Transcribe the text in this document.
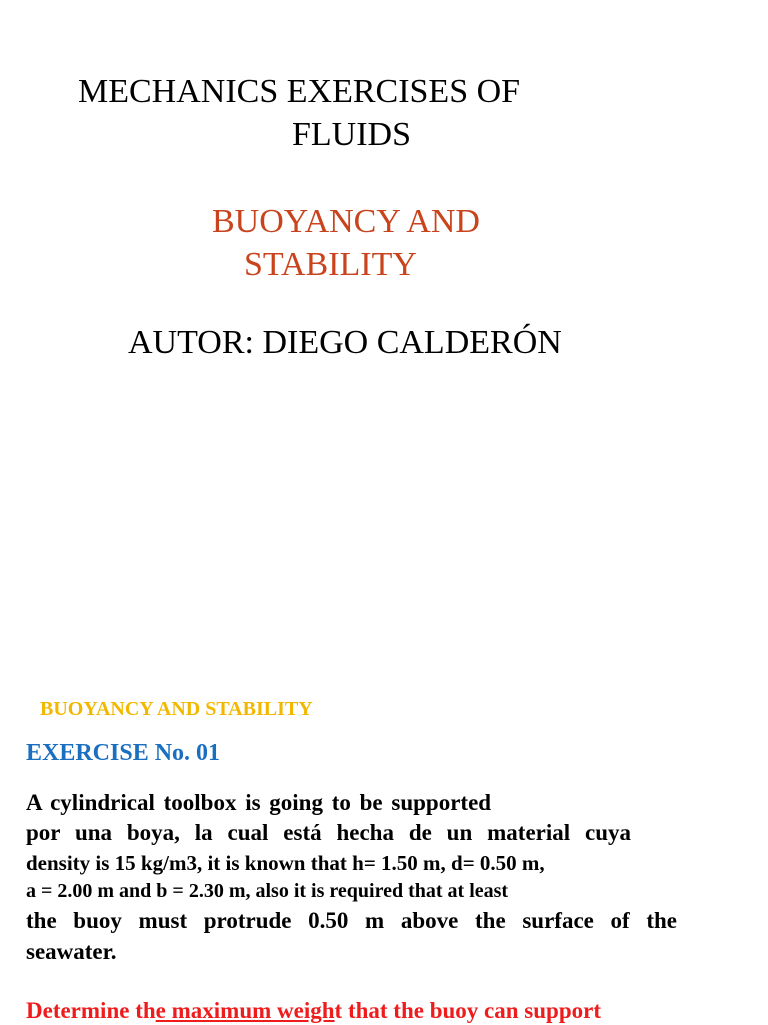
MECHANICS EXERCISES OF

FLUIDS

BUOYANCY AND

STABILITY

AUTOR: DIEGO CALDERÓN

BUOYANCY AND STABILITY

EXERCISE No. 01

A cylindrical toolbox is going to be supported

por una boya, la cual está hecha de un material cuya

density is 15 kg/m3, it is known that h= 1.50 m, d= 0.50 m,

a = 2.00 m and b = 2.30 m, also it is required that at least

the buoy must protrude 0.50 m above the surface of the

seawater.

Determine the maximum weight that the buoy can support
